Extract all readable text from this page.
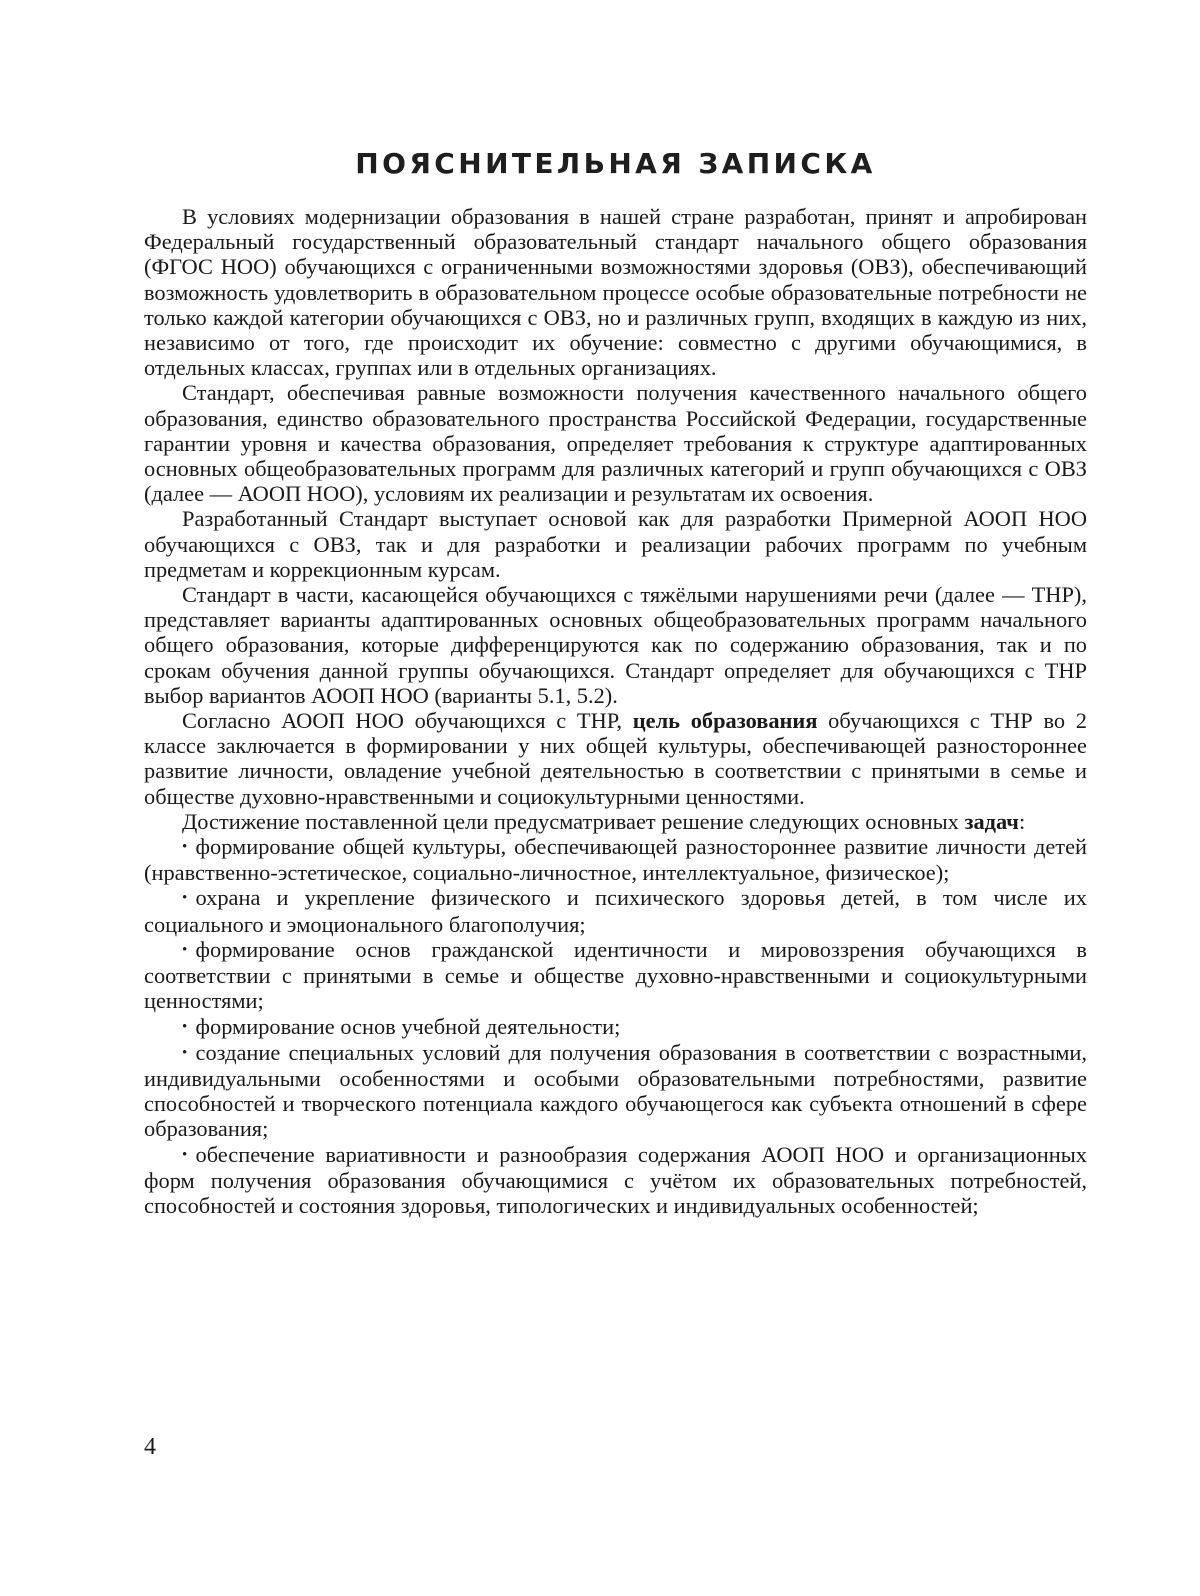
ПОЯСНИТЕЛЬНАЯ ЗАПИСКА

В условиях модернизации образования в нашей стране разработан, принят и апробирован Федеральный государственный образовательный стандарт начального общего образования (ФГОС НОО) обучающихся с ограниченными возможностями здоровья (ОВЗ), обеспечивающий возможность удовлетворить в образовательном процессе особые образовательные потребности не только каждой категории обучающихся с ОВЗ, но и различных групп, входящих в каждую из них, независимо от того, где происходит их обучение: совместно с другими обучающимися, в отдельных классах, группах или в отдельных организациях.

Стандарт, обеспечивая равные возможности получения качественного начального общего образования, единство образовательного пространства Российской Федерации, государственные гарантии уровня и качества образования, определяет требования к структуре адаптированных основных общеобразовательных программ для различных категорий и групп обучающихся с ОВЗ (далее — АООП НОО), условиям их реализации и результатам их освоения.

Разработанный Стандарт выступает основой как для разработки Примерной АООП НОО обучающихся с ОВЗ, так и для разработки и реализации рабочих программ по учебным предметам и коррекционным курсам.

Стандарт в части, касающейся обучающихся с тяжёлыми нарушениями речи (далее — ТНР), представляет варианты адаптированных основных общеобразовательных программ начального общего образования, которые дифференцируются как по содержанию образования, так и по срокам обучения данной группы обучающихся. Стандарт определяет для обучающихся с ТНР выбор вариантов АООП НОО (варианты 5.1, 5.2).

Согласно АООП НОО обучающихся с ТНР, цель образования обучающихся с ТНР во 2 классе заключается в формировании у них общей культуры, обеспечивающей разностороннее развитие личности, овладение учебной деятельностью в соответствии с принятыми в семье и обществе духовно-нравственными и социокультурными ценностями.

Достижение поставленной цели предусматривает решение следующих основных задач:

• формирование общей культуры, обеспечивающей разностороннее развитие личности детей (нравственно-эстетическое, социально-личностное, интеллектуальное, физическое);

• охрана и укрепление физического и психического здоровья детей, в том числе их социального и эмоционального благополучия;

• формирование основ гражданской идентичности и мировоззрения обучающихся в соответствии с принятыми в семье и обществе духовно-нравственными и социокультурными ценностями;

• формирование основ учебной деятельности;

• создание специальных условий для получения образования в соответствии с возрастными, индивидуальными особенностями и особыми образовательными потребностями, развитие способностей и творческого потенциала каждого обучающегося как субъекта отношений в сфере образования;

• обеспечение вариативности и разнообразия содержания АООП НОО и организационных форм получения образования обучающимися с учётом их образовательных потребностей, способностей и состояния здоровья, типологических и индивидуальных особенностей;

4
